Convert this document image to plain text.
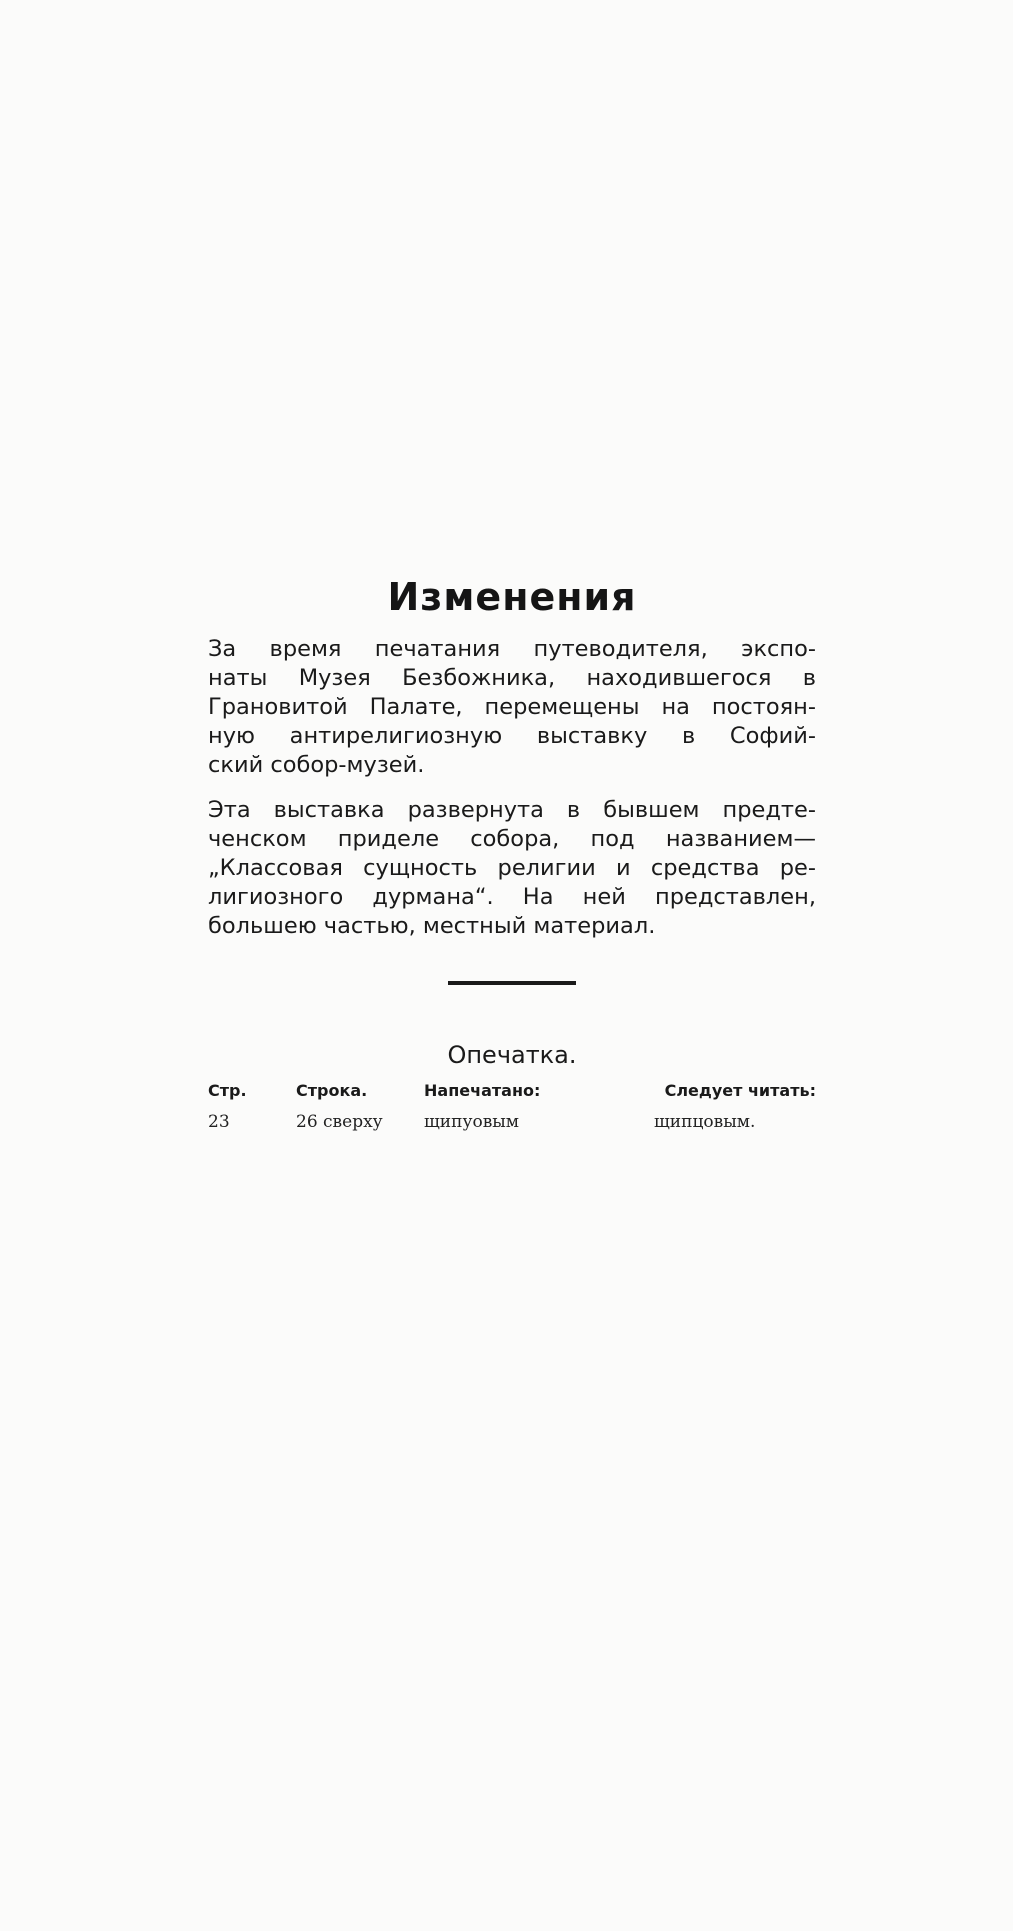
Изменения

За время печатания путеводителя, экспо-
наты Музея Безбожника, находившегося в
Грановитой Палате, перемещены на постоян-
ную антирелигиозную выставку в Софий-
ский собор-музей.

Эта выставка развернута в бывшем предте-
ченском приделе собора, под названием—
„Классовая сущность религии и средства ре-
лигиозного дурмана“. На ней представлен,
большею частью, местный материал.

Опечатка.
Стр.	Строка.	Напечатано:	Следует читать:
23	26 сверху	щипуовым	щипцовым.
